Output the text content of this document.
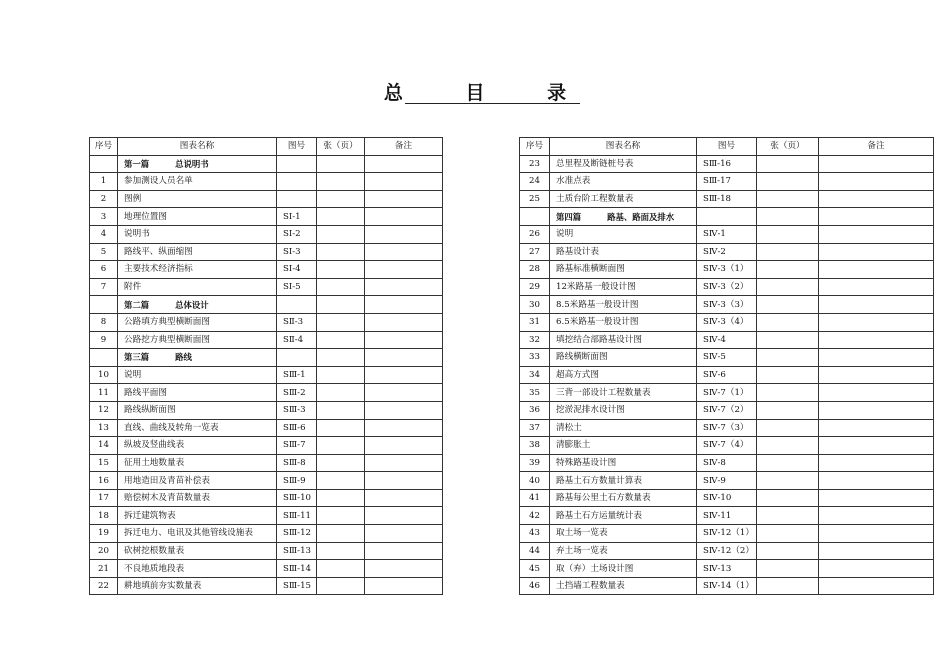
总	目	录
序号	图表名称	图号	张（页）	备注
	第一篇 总说明书			
1	参加测设人员名单			
2	图例			
3	地理位置图	SⅠ-1		
4	说明书	SⅠ-2		
5	路线平、纵面缩图	SⅠ-3		
6	主要技术经济指标	SⅠ-4		
7	附件	SⅠ-5		
	第二篇 总体设计			
8	公路填方典型横断面图	SⅡ-3		
9	公路挖方典型横断面图	SⅡ-4		
	第三篇 路线			
10	说明	SⅢ-1		
11	路线平面图	SⅢ-2		
12	路线纵断面图	SⅢ-3		
13	直线、曲线及转角一览表	SⅢ-6		
14	纵坡及竖曲线表	SⅢ-7		
15	征用土地数量表	SⅢ-8		
16	用地造田及青苗补偿表	SⅢ-9		
17	赔偿树木及青苗数量表	SⅢ-10		
18	拆迁建筑物表	SⅢ-11		
19	拆迁电力、电讯及其他管线设施表	SⅢ-12		
20	砍树挖根数量表	SⅢ-13		
21	不良地质地段表	SⅢ-14		
22	耕地填前夯实数量表	SⅢ-15		
序号	图表名称	图号	张（页）	备注
23	总里程及断链桩号表	SⅢ-16		
24	水准点表	SⅢ-17		
25	土质台阶工程数量表	SⅢ-18		
	第四篇 路基、路面及排水			
26	说明	SⅣ-1		
27	路基设计表	SⅣ-2		
28	路基标准横断面图	SⅣ-3（1）		
29	12米路基一般设计图	SⅣ-3（2）		
30	8.5米路基一般设计图	SⅣ-3（3）		
31	6.5米路基一般设计图	SⅣ-3（4）		
32	填挖结合部路基设计图	SⅣ-4		
33	路线横断面图	SⅣ-5		
34	超高方式图	SⅣ-6		
35	三背一部设计工程数量表	SⅣ-7（1）		
36	挖淤泥排水设计图	SⅣ-7（2）		
37	清松土	SⅣ-7（3）		
38	清膨胀土	SⅣ-7（4）		
39	特殊路基设计图	SⅣ-8		
40	路基土石方数量计算表	SⅣ-9		
41	路基每公里土石方数量表	SⅣ-10		
42	路基土石方运量统计表	SⅣ-11		
43	取土场一览表	SⅣ-12（1）		
44	弃土场一览表	SⅣ-12（2）		
45	取（弃）土场设计图	SⅣ-13		
46	土挡墙工程数量表	SⅣ-14（1）		
